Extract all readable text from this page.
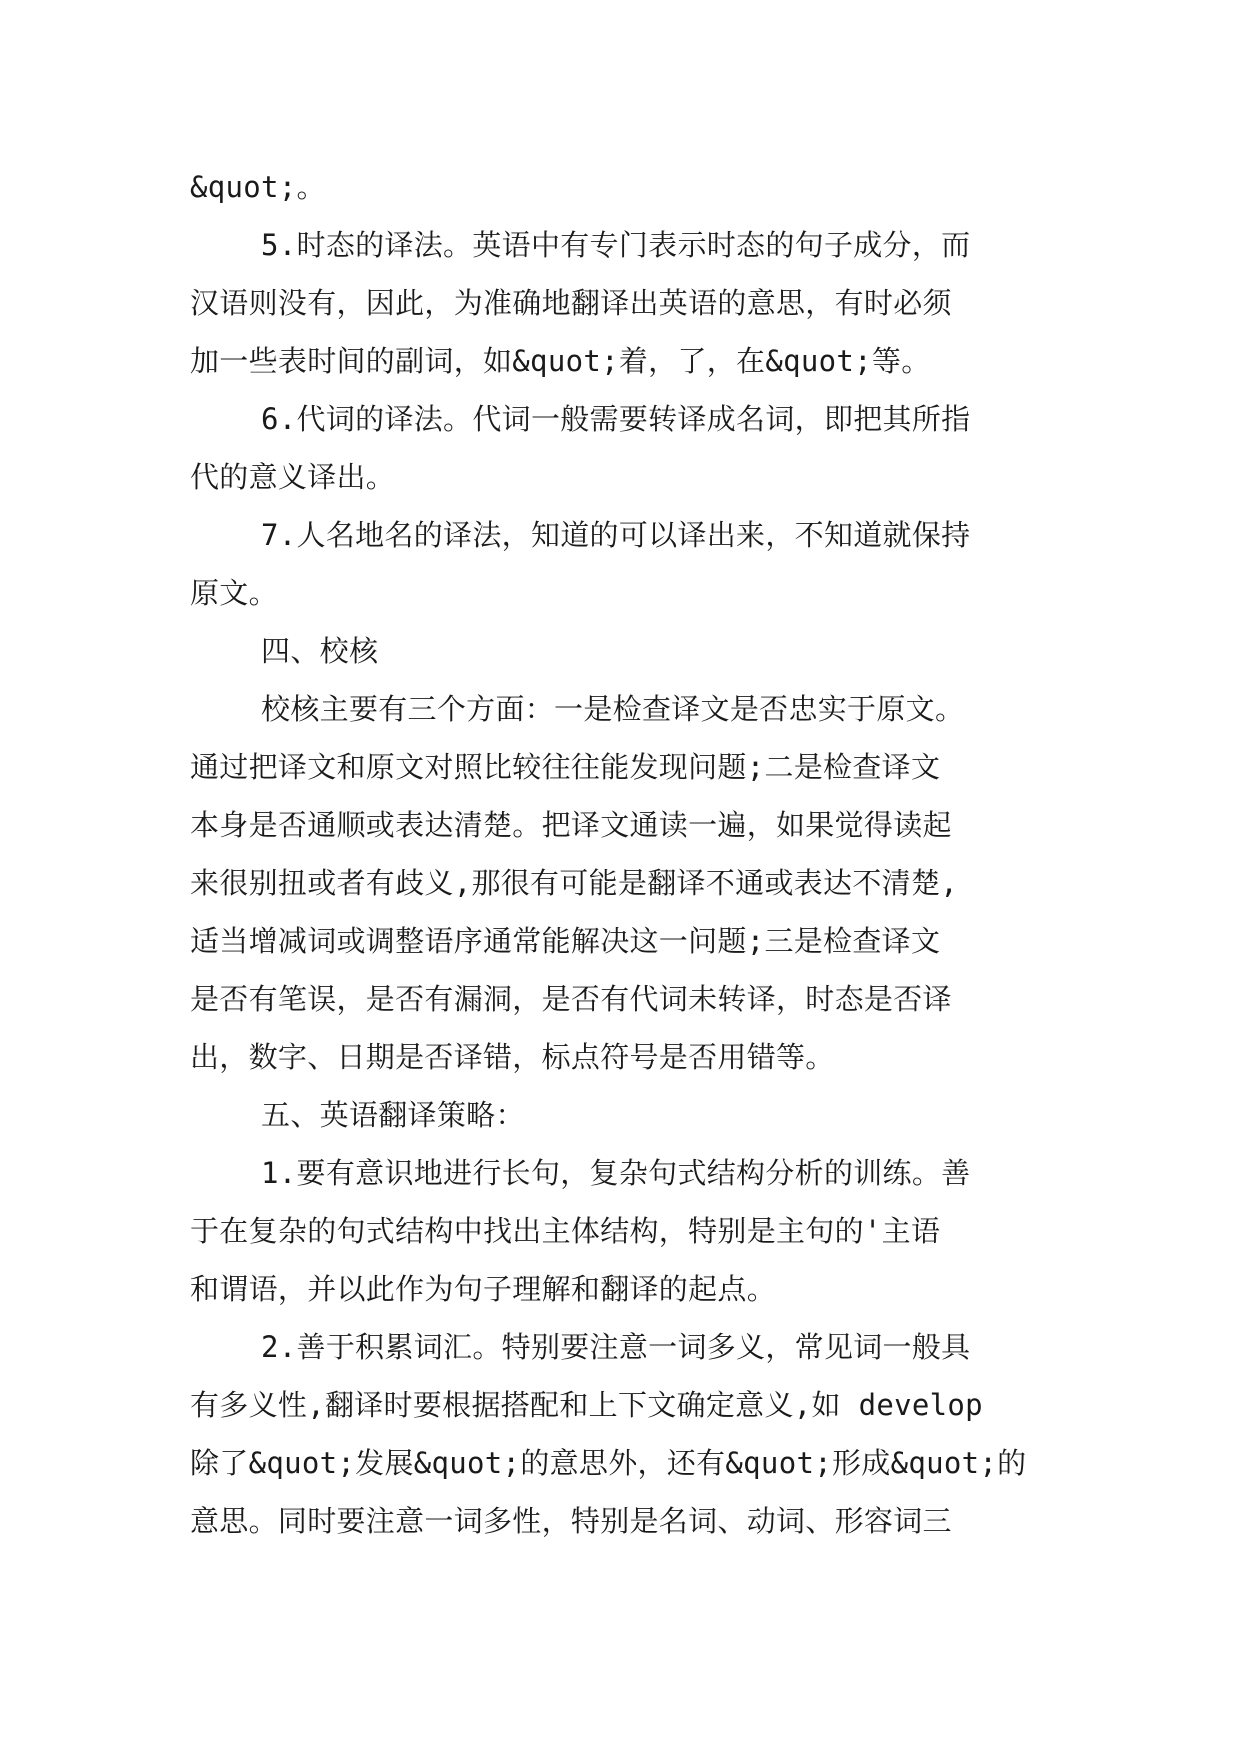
&quot;。
5.时态的译法。英语中有专门表示时态的句子成分，而
汉语则没有，因此，为准确地翻译出英语的意思，有时必须
加一些表时间的副词，如&quot;着，了，在&quot;等。
6.代词的译法。代词一般需要转译成名词，即把其所指
代的意义译出。
7.人名地名的译法，知道的可以译出来，不知道就保持
原文。
四、校核
校核主要有三个方面：一是检查译文是否忠实于原文。
通过把译文和原文对照比较往往能发现问题;二是检查译文
本身是否通顺或表达清楚。把译文通读一遍，如果觉得读起
来很别扭或者有歧义,那很有可能是翻译不通或表达不清楚,
适当增减词或调整语序通常能解决这一问题;三是检查译文
是否有笔误，是否有漏洞，是否有代词未转译，时态是否译
出，数字、日期是否译错，标点符号是否用错等。
五、英语翻译策略：
1.要有意识地进行长句，复杂句式结构分析的训练。善
于在复杂的句式结构中找出主体结构，特别是主句的'主语
和谓语，并以此作为句子理解和翻译的起点。
2.善于积累词汇。特别要注意一词多义，常见词一般具
有多义性,翻译时要根据搭配和上下文确定意义,如 develop
除了&quot;发展&quot;的意思外，还有&quot;形成&quot;的
意思。同时要注意一词多性，特别是名词、动词、形容词三
